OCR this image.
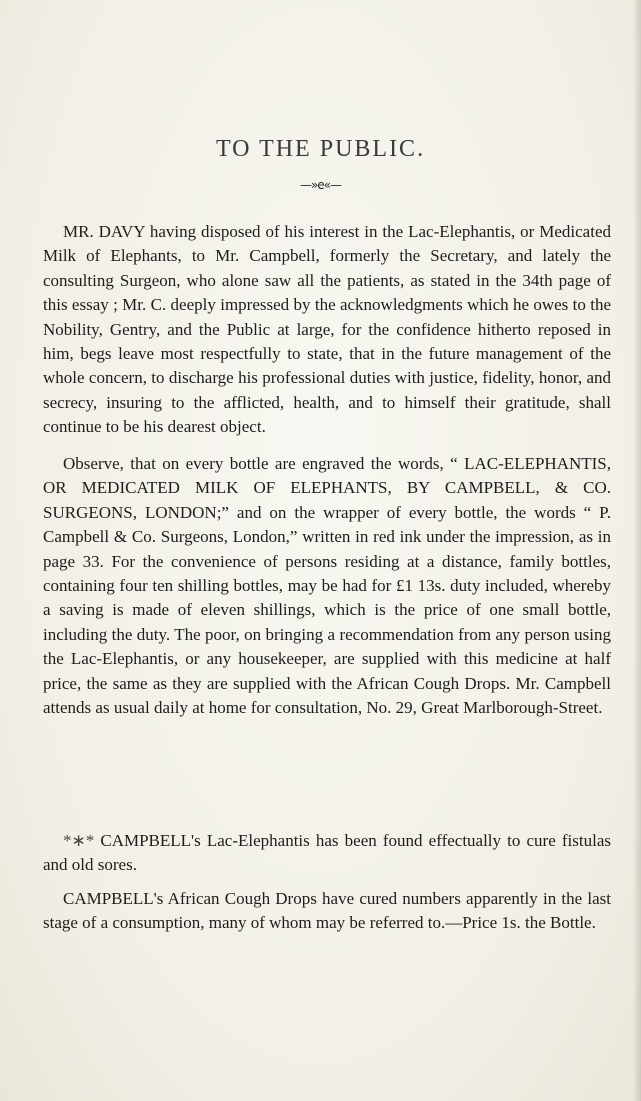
TO THE PUBLIC.
—»e«—

MR. DAVY having disposed of his interest in the Lac-Elephantis, or Medicated Milk of Elephants, to Mr. Campbell, formerly the Secretary, and lately the consulting Surgeon, who alone saw all the patients, as stated in the 34th page of this essay ; Mr. C. deeply impressed by the acknowledgments which he owes to the Nobility, Gentry, and the Public at large, for the confidence hitherto reposed in him, begs leave most respectfully to state, that in the future management of the whole concern, to discharge his professional duties with justice, fidelity, honor, and secrecy, insuring to the afflicted, health, and to himself their gratitude, shall continue to be his dearest object.

Observe, that on every bottle are engraved the words, “ LAC-ELEPHANTIS, OR MEDICATED MILK OF ELEPHANTS, BY CAMPBELL, & CO. SURGEONS, LONDON;” and on the wrapper of every bottle, the words “ P. Campbell & Co. Surgeons, London,” written in red ink under the impression, as in page 33. For the convenience of persons residing at a distance, family bottles, containing four ten shilling bottles, may be had for £1 13s. duty included, whereby a saving is made of eleven shillings, which is the price of one small bottle, including the duty. The poor, on bringing a recommendation from any person using the Lac-Elephantis, or any housekeeper, are supplied with this medicine at half price, the same as they are supplied with the African Cough Drops. Mr. Campbell attends as usual daily at home for consultation, No. 29, Great Marlborough-Street.

*∗* CAMPBELL's Lac-Elephantis has been found effectually to cure fistulas and old sores.

CAMPBELL's African Cough Drops have cured numbers apparently in the last stage of a consumption, many of whom may be referred to.—Price 1s. the Bottle.
